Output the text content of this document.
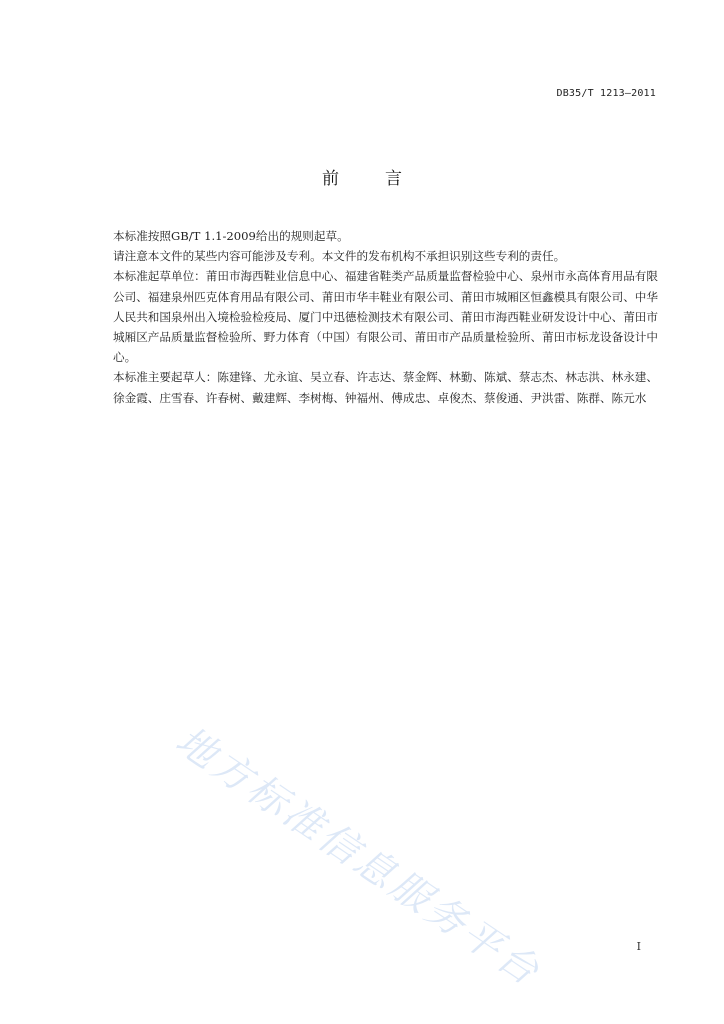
DB35/T 1213—2011
前言

本标准按照GB/T 1.1-2009给出的规则起草。

请注意本文件的某些内容可能涉及专利。本文件的发布机构不承担识别这些专利的责任。

本标准起草单位：莆田市海西鞋业信息中心、福建省鞋类产品质量监督检验中心、泉州市永高体育用品有限公司、福建泉州匹克体育用品有限公司、莆田市华丰鞋业有限公司、莆田市城厢区恒鑫模具有限公司、中华人民共和国泉州出入境检验检疫局、厦门中迅德检测技术有限公司、莆田市海西鞋业研发设计中心、莆田市城厢区产品质量监督检验所、野力体育（中国）有限公司、莆田市产品质量检验所、莆田市标龙设备设计中心。

本标准主要起草人：陈建锋、尤永谊、吴立春、许志达、蔡金辉、林勤、陈斌、蔡志杰、林志洪、林永建、徐金霞、庄雪春、许春树、戴建辉、李树梅、钟福州、傅成忠、卓俊杰、蔡俊通、尹洪雷、陈群、陈元水

地方标准信息服务平台	I
